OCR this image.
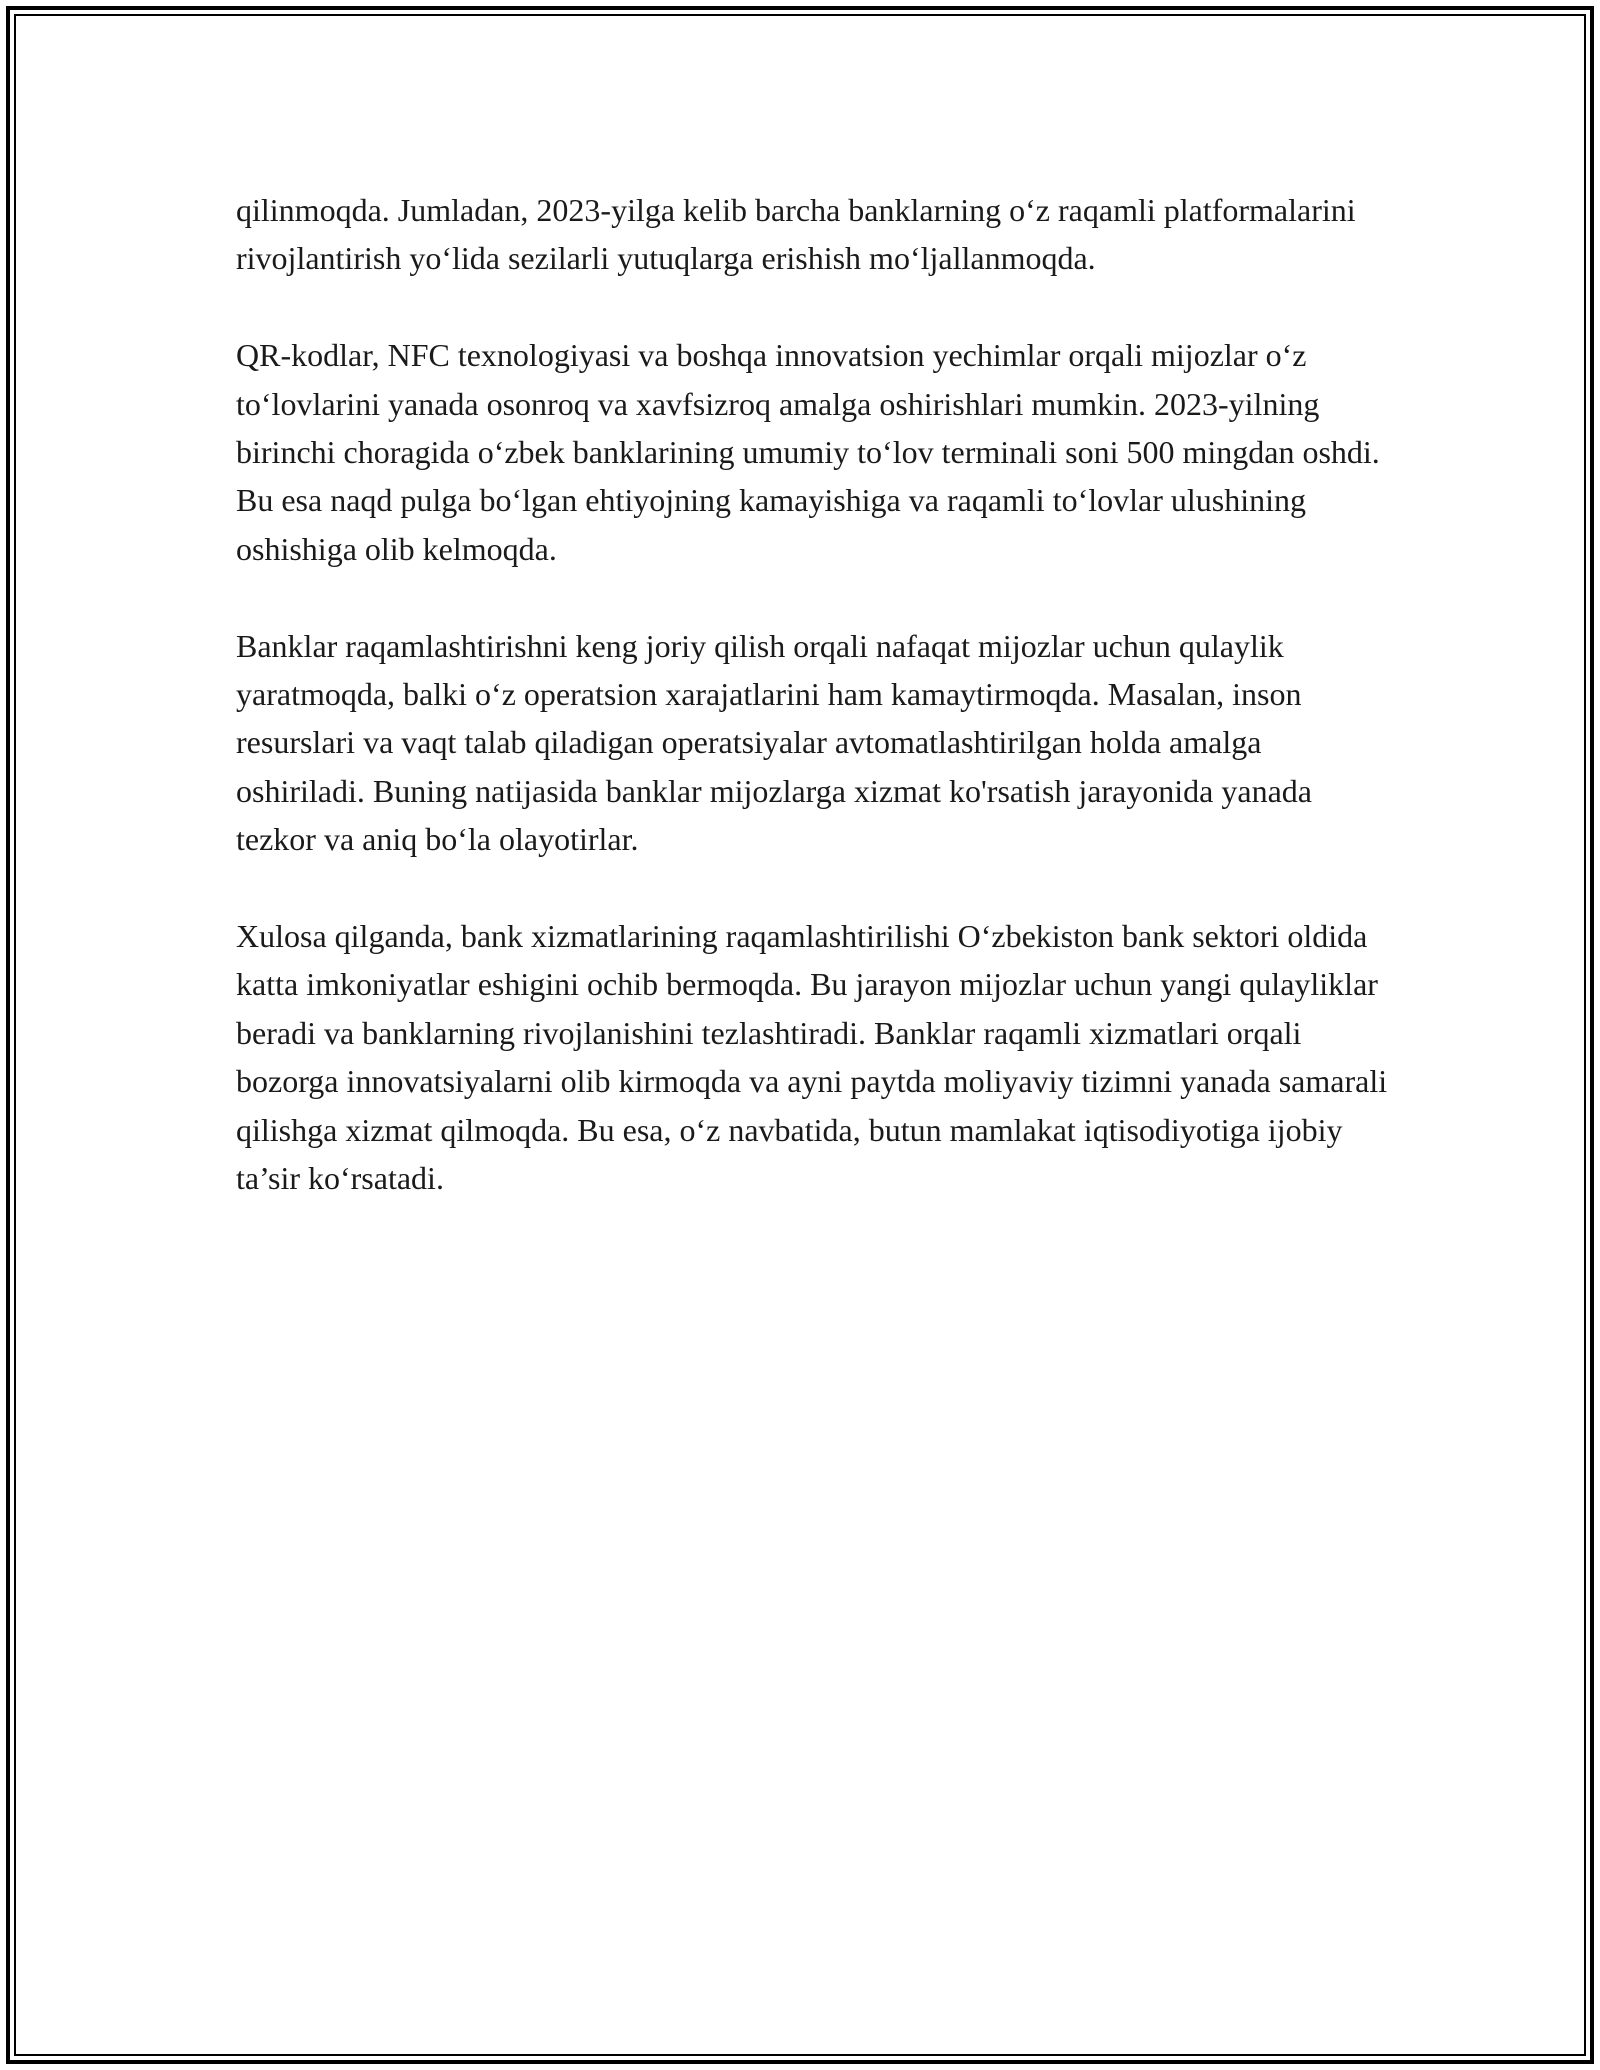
qilinmoqda. Jumladan, 2023-yilga kelib barcha banklarning o‘z raqamli platformalarini rivojlantirish yo‘lida sezilarli yutuqlarga erishish mo‘ljallanmoqda.

QR-kodlar, NFC texnologiyasi va boshqa innovatsion yechimlar orqali mijozlar o‘z to‘lovlarini yanada osonroq va xavfsizroq amalga oshirishlari mumkin. 2023-yilning birinchi choragida o‘zbek banklarining umumiy to‘lov terminali soni 500 mingdan oshdi. Bu esa naqd pulga bo‘lgan ehtiyojning kamayishiga va raqamli to‘lovlar ulushining oshishiga olib kelmoqda.

Banklar raqamlashtirishni keng joriy qilish orqali nafaqat mijozlar uchun qulaylik yaratmoqda, balki o‘z operatsion xarajatlarini ham kamaytirmoqda. Masalan, inson resurslari va vaqt talab qiladigan operatsiyalar avtomatlashtirilgan holda amalga oshiriladi. Buning natijasida banklar mijozlarga xizmat ko'rsatish jarayonida yanada tezkor va aniq bo‘la olayotirlar.

Xulosa qilganda, bank xizmatlarining raqamlashtirilishi O‘zbekiston bank sektori oldida katta imkoniyatlar eshigini ochib bermoqda. Bu jarayon mijozlar uchun yangi qulayliklar beradi va banklarning rivojlanishini tezlashtiradi. Banklar raqamli xizmatlari orqali bozorga innovatsiyalarni olib kirmoqda va ayni paytda moliyaviy tizimni yanada samarali qilishga xizmat qilmoqda. Bu esa, o‘z navbatida, butun mamlakat iqtisodiyotiga ijobiy ta’sir ko‘rsatadi.
